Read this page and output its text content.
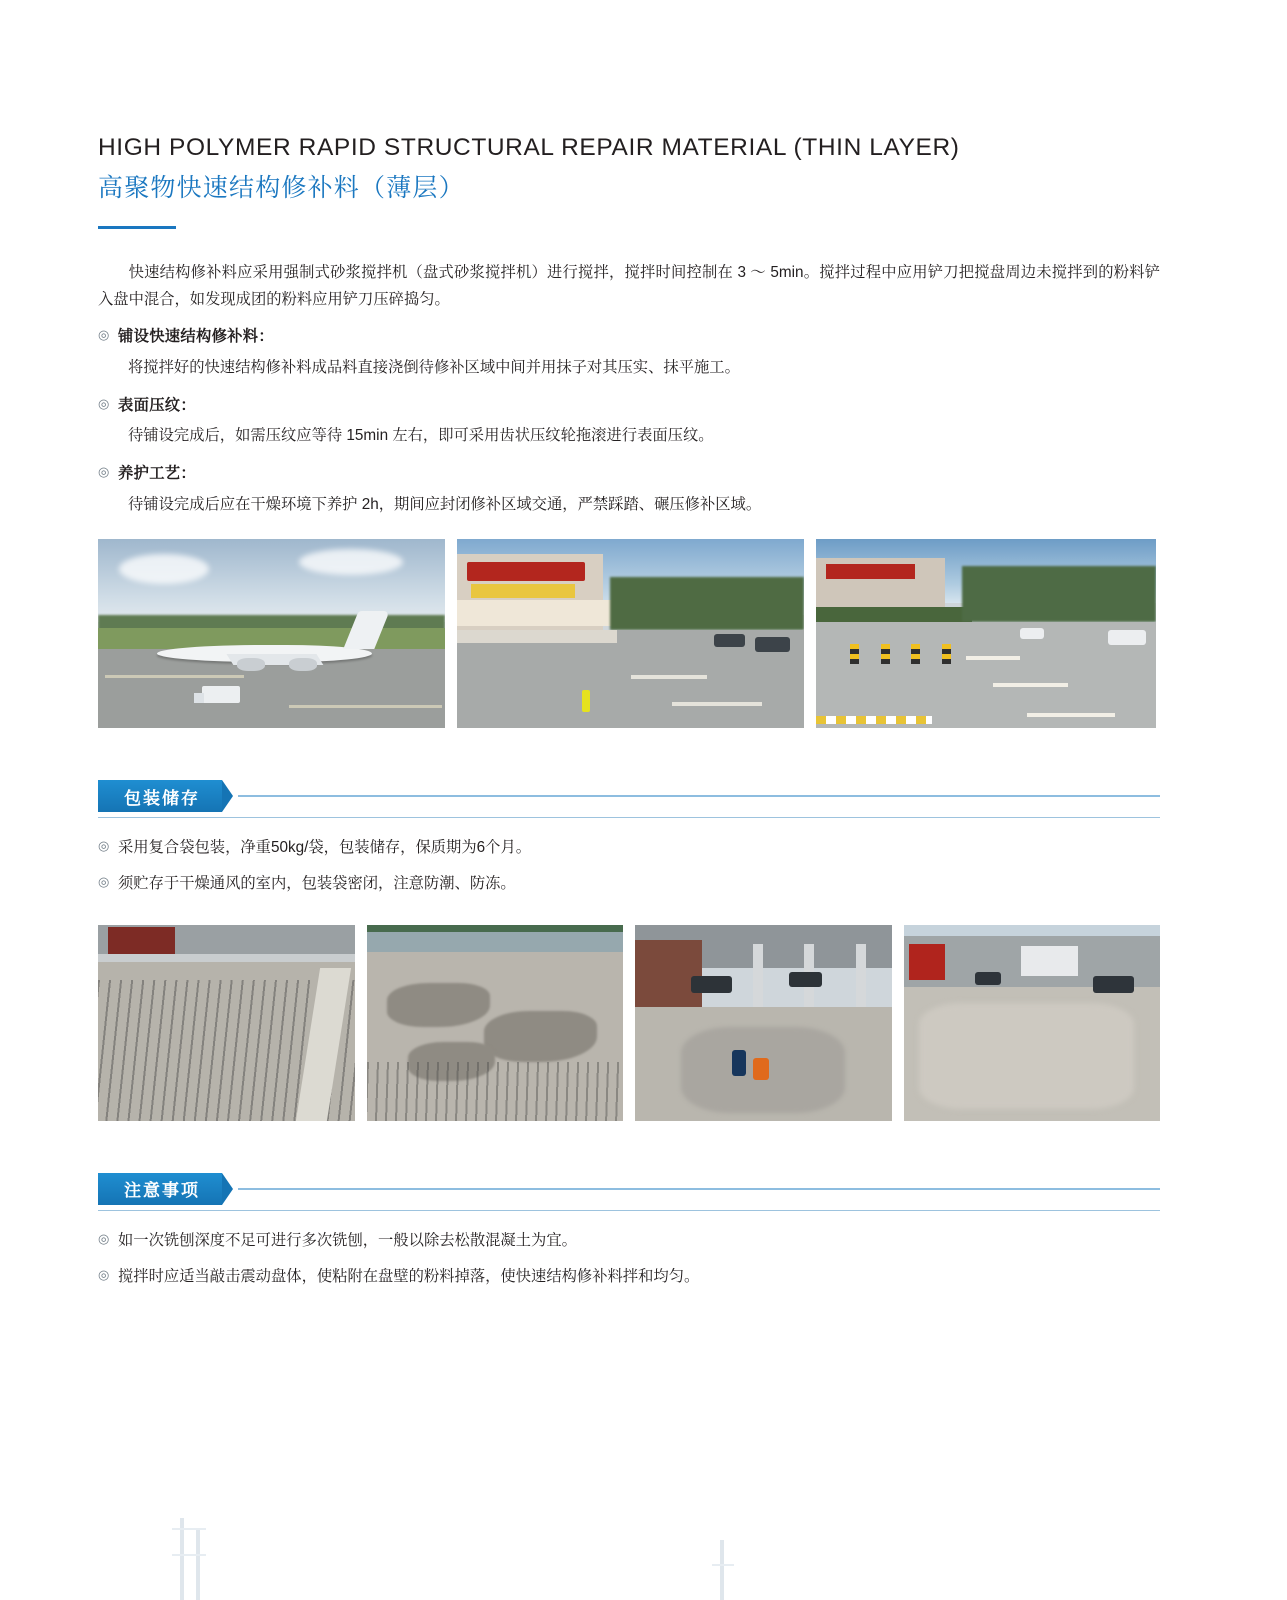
HIGH POLYMER RAPID STRUCTURAL REPAIR MATERIAL (THIN LAYER)
高聚物快速结构修补料（薄层）
快速结构修补料应采用强制式砂浆搅拌机（盘式砂浆搅拌机）进行搅拌，搅拌时间控制在 3 ～ 5min。搅拌过程中应用铲刀把搅盘周边未搅拌到的粉料铲入盘中混合，如发现成团的粉料应用铲刀压碎捣匀。
◎ 铺设快速结构修补料：
将搅拌好的快速结构修补料成品料直接浇倒待修补区域中间并用抹子对其压实、抹平施工。
◎ 表面压纹：
待铺设完成后，如需压纹应等待 15min 左右，即可采用齿状压纹轮拖滚进行表面压纹。
◎ 养护工艺：
待铺设完成后应在干燥环境下养护 2h，期间应封闭修补区域交通，严禁踩踏、碾压修补区域。
包装储存
◎ 采用复合袋包装，净重50kg/袋，包装储存，保质期为6个月。
◎ 须贮存于干燥通风的室内，包装袋密闭，注意防潮、防冻。
注意事项
◎ 如一次铣刨深度不足可进行多次铣刨，一般以除去松散混凝土为宜。
◎ 搅拌时应适当敲击震动盘体，使粘附在盘壁的粉料掉落，使快速结构修补料拌和均匀。
